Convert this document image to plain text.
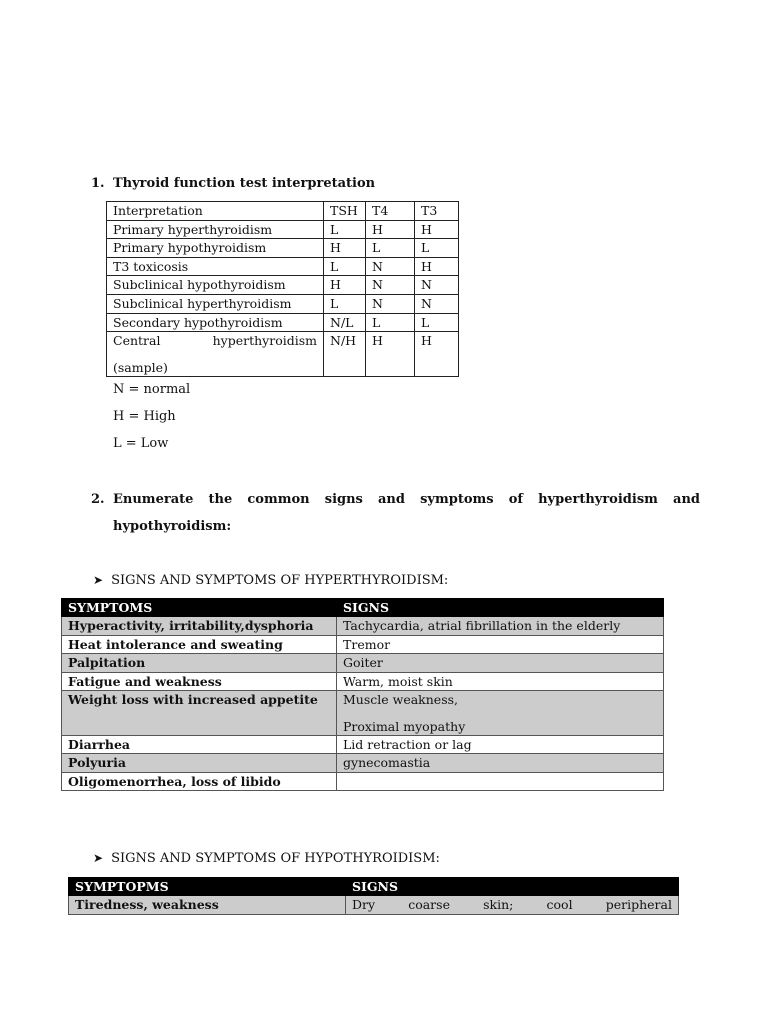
1. Thyroid function test interpretation
Interpretation	TSH	T4	T3
Primary hyperthyroidism	L	H	H
Primary hypothyroidism	H	L	L
T3 toxicosis	L	N	H
Subclinical hypothyroidism	H	N	N
Subclinical hyperthyroidism	L	N	N
Secondary hypothyroidism	N/L	L	L

Central hyperthyroidism
(sample)	N/H	H	H
N = normal
H = High
L = Low
2. Enumerate the common signs and symptoms of hyperthyroidism and
hypothyroidism:
➤ SIGNS AND SYMPTOMS OF HYPERTHYROIDISM:
SYMPTOMS	SIGNS
Hyperactivity, irritability,dysphoria	Tachycardia, atrial fibrillation in the elderly
Heat intolerance and sweating	Tremor
Palpitation	Goiter
Fatigue and weakness	Warm, moist skin
Weight loss with increased appetite	Muscle weakness,
Proximal myopathy

Diarrhea	Lid retraction or lag
Polyuria	gynecomastia
Oligomenorrhea, loss of libido	
➤ SIGNS AND SYMPTOMS OF HYPOTHYROIDISM:
SYMPTOPMS	SIGNS
Tiredness, weakness	Dry coarse skin; cool peripheral
